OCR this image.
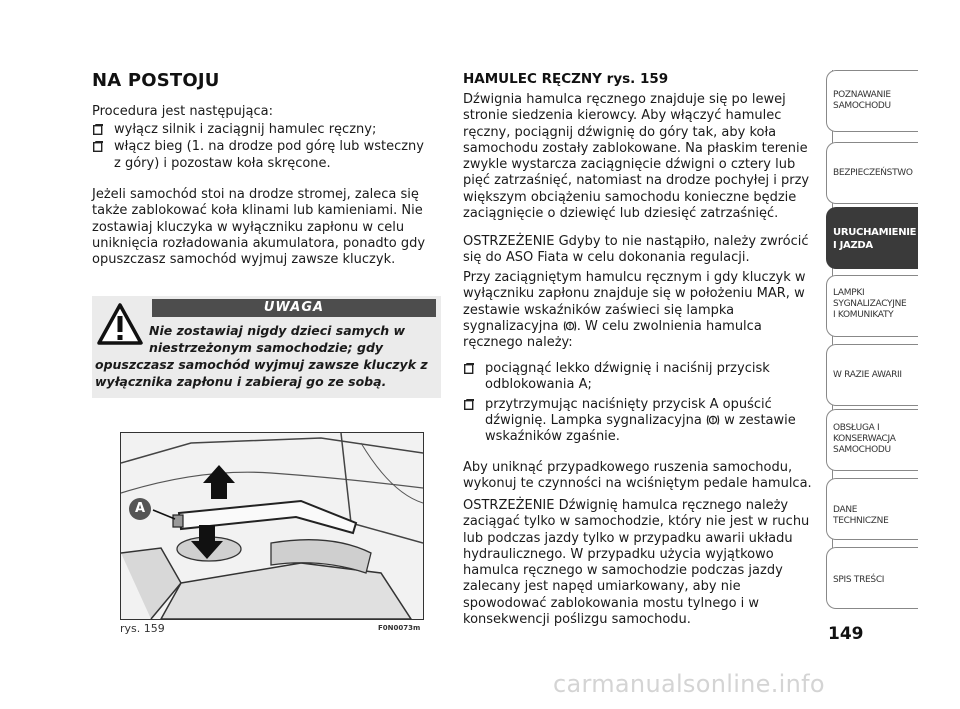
NA POSTOJU
Procedura jest następująca:
wyłącz silnik i zaciągnij hamulec ręczny;
włącz bieg (1. na drodze pod górę lub wsteczny z góry) i pozostaw koła skręcone.
Jeżeli samochód stoi na drodze stromej, zaleca się także zablokować koła klinami lub kamieniami. Nie zostawiaj kluczyka w wyłączniku zapłonu w celu uniknięcia rozładowania akumulatora, ponadto gdy opuszczasz samochód wyjmuj zawsze kluczyk.
UWAGA
Nie zostawiaj nigdy dzieci samych w niestrzeżonym samochodzie; gdy
opuszczasz samochód wyjmuj zawsze kluczyk z wyłącznika zapłonu i zabieraj go ze sobą.
A
rys. 159	F0N0073m
HAMULEC RĘCZNY rys. 159
Dźwignia hamulca ręcznego znajduje się po lewej stronie siedzenia kierowcy. Aby włączyć hamulec ręczny, pociągnij dźwignię do góry tak, aby koła samochodu zostały zablokowane. Na płaskim terenie zwykle wystarcza zaciągnięcie dźwigni o cztery lub pięć zatrzaśnięć, natomiast na drodze pochyłej i przy większym obciążeniu samochodu konieczne będzie zaciągnięcie o dziewięć lub dziesięć zatrzaśnięć.
OSTRZEŻENIE Gdyby to nie nastąpiło, należy zwrócić się do ASO Fiata w celu dokonania regulacji.
Przy zaciągniętym hamulcu ręcznym i gdy kluczyk w wyłączniku zapłonu znajduje się w położeniu MAR, w zestawie wskaźników zaświeci się lampka sygnalizacyjna . W celu zwolnienia hamulca ręcznego należy:
pociągnąć lekko dźwignię i naciśnij przycisk odblokowania A;
przytrzymując naciśnięty przycisk A opuścić dźwignię. Lampka sygnalizacyjna w zestawie wskaźników zgaśnie.
Aby uniknąć przypadkowego ruszenia samochodu, wykonuj te czynności na wciśniętym pedale hamulca.
OSTRZEŻENIE Dźwignię hamulca ręcznego należy zaciągać tylko w samochodzie, który nie jest w ruchu lub podczas jazdy tylko w przypadku awarii układu hydraulicznego. W przypadku użycia wyjątkowo hamulca ręcznego w samochodzie podczas jazdy zalecany jest napęd umiarkowany, aby nie spowodować zablokowania mostu tylnego i w konsekwencji poślizgu samochodu.
POZNAWANIE
SAMOCHODU
BEZPIECZEŃSTWO
URUCHAMIENIE
I JAZDA
LAMPKI
SYGNALIZACYJNE
I KOMUNIKATY
W RAZIE AWARII
OBSŁUGA I
KONSERWACJA
SAMOCHODU
DANE TECHNICZNE
SPIS TREŚCI
149
carmanualsonline.info
